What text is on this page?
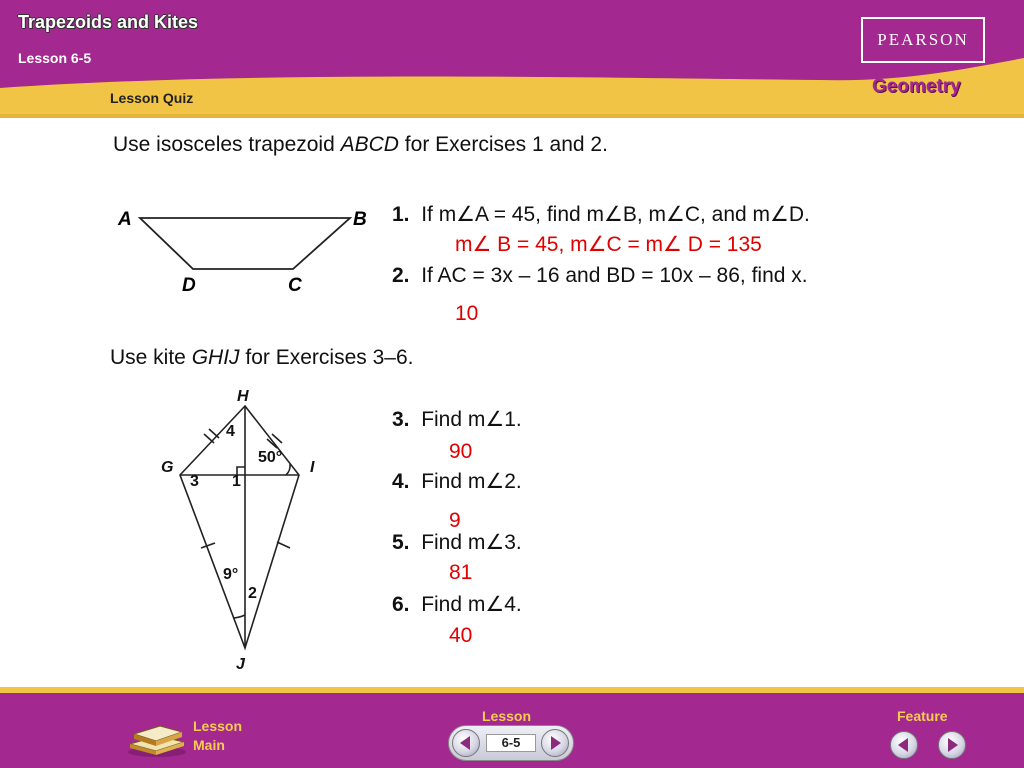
Trapezoids and Kites
Lesson 6-5
Lesson Quiz
PEARSON
Geometry
Use isosceles trapezoid ABCD for Exercises 1 and 2.
A	B
D	C
1. If m∠A = 45, find m∠B, m∠C, and m∠D.
m∠ B = 45, m∠C = m∠ D = 135
2. If AC = 3x – 16 and BD = 10x – 86, find x.
10
Use kite GHIJ for Exercises 3–6.
H
G	I
J
4
50°
3 1
9°
2
3. Find m∠1.
90
4. Find m∠2.
9
5. Find m∠3.
81
6. Find m∠4.
40
Lesson
Main
Lesson
6-5
Feature
